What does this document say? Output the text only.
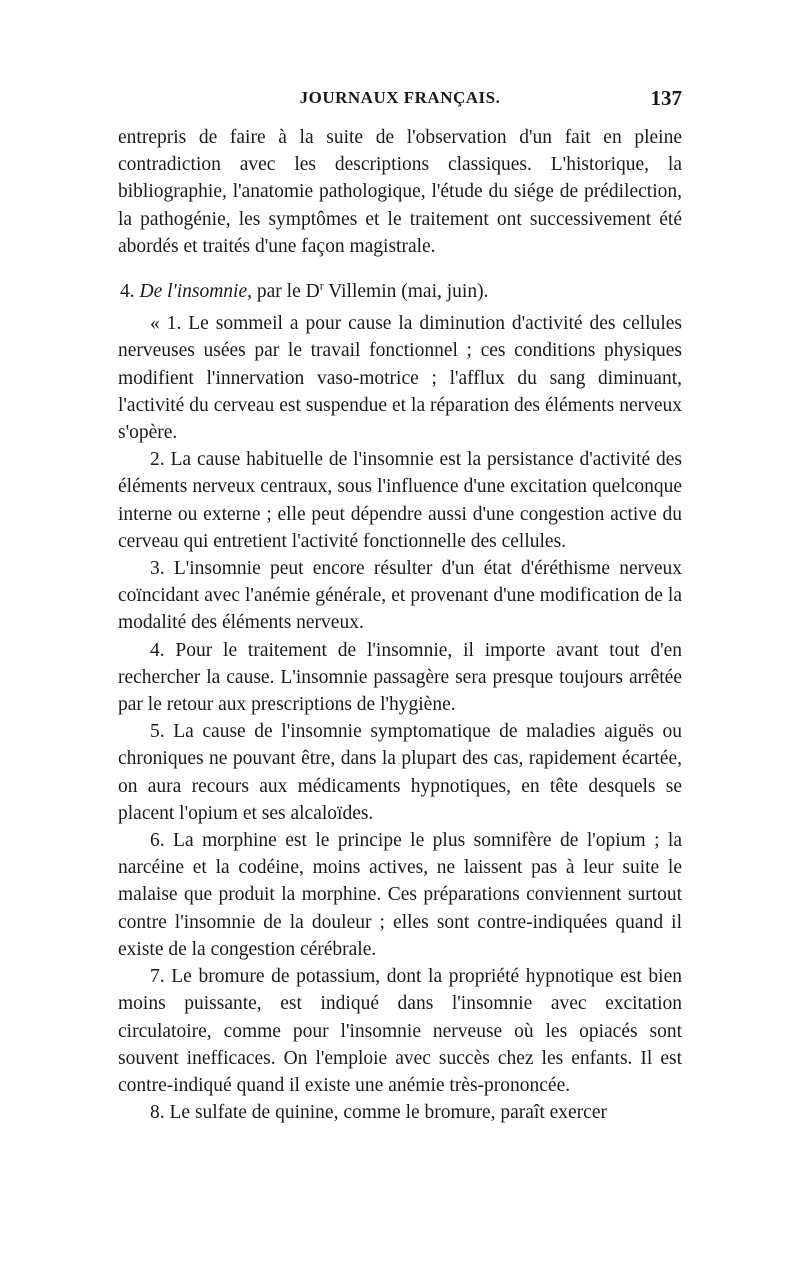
JOURNAUX FRANÇAIS.	137

entrepris de faire à la suite de l'observation d'un fait en pleine contradiction avec les descriptions classiques. L'historique, la bibliographie, l'anatomie pathologique, l'étude du siége de prédilection, la pathogénie, les symptômes et le traitement ont successivement été abordés et traités d'une façon magistrale.

4. De l'insomnie, par le $D^r$ Villemin (mai, juin).

« 1. Le sommeil a pour cause la diminution d'activité des cellules nerveuses usées par le travail fonctionnel ; ces conditions physiques modifient l'innervation vaso-motrice ; l'afflux du sang diminuant, l'activité du cerveau est suspendue et la réparation des éléments nerveux s'opère.

2. La cause habituelle de l'insomnie est la persistance d'activité des éléments nerveux centraux, sous l'influence d'une excitation quelconque interne ou externe ; elle peut dépendre aussi d'une congestion active du cerveau qui entretient l'activité fonctionnelle des cellules.

3. L'insomnie peut encore résulter d'un état d'éréthisme nerveux coïncidant avec l'anémie générale, et provenant d'une modification de la modalité des éléments nerveux.

4. Pour le traitement de l'insomnie, il importe avant tout d'en rechercher la cause. L'insomnie passagère sera presque toujours arrêtée par le retour aux prescriptions de l'hygiène.

5. La cause de l'insomnie symptomatique de maladies aiguës ou chroniques ne pouvant être, dans la plupart des cas, rapidement écartée, on aura recours aux médicaments hypnotiques, en tête desquels se placent l'opium et ses alcaloïdes.

6. La morphine est le principe le plus somnifère de l'opium ; la narcéine et la codéine, moins actives, ne laissent pas à leur suite le malaise que produit la morphine. Ces préparations conviennent surtout contre l'insomnie de la douleur ; elles sont contre-indiquées quand il existe de la congestion cérébrale.

7. Le bromure de potassium, dont la propriété hypnotique est bien moins puissante, est indiqué dans l'insomnie avec excitation circulatoire, comme pour l'insomnie nerveuse où les opiacés sont souvent inefficaces. On l'emploie avec succès chez les enfants. Il est contre-indiqué quand il existe une anémie très-prononcée.

8. Le sulfate de quinine, comme le bromure, paraît exercer
